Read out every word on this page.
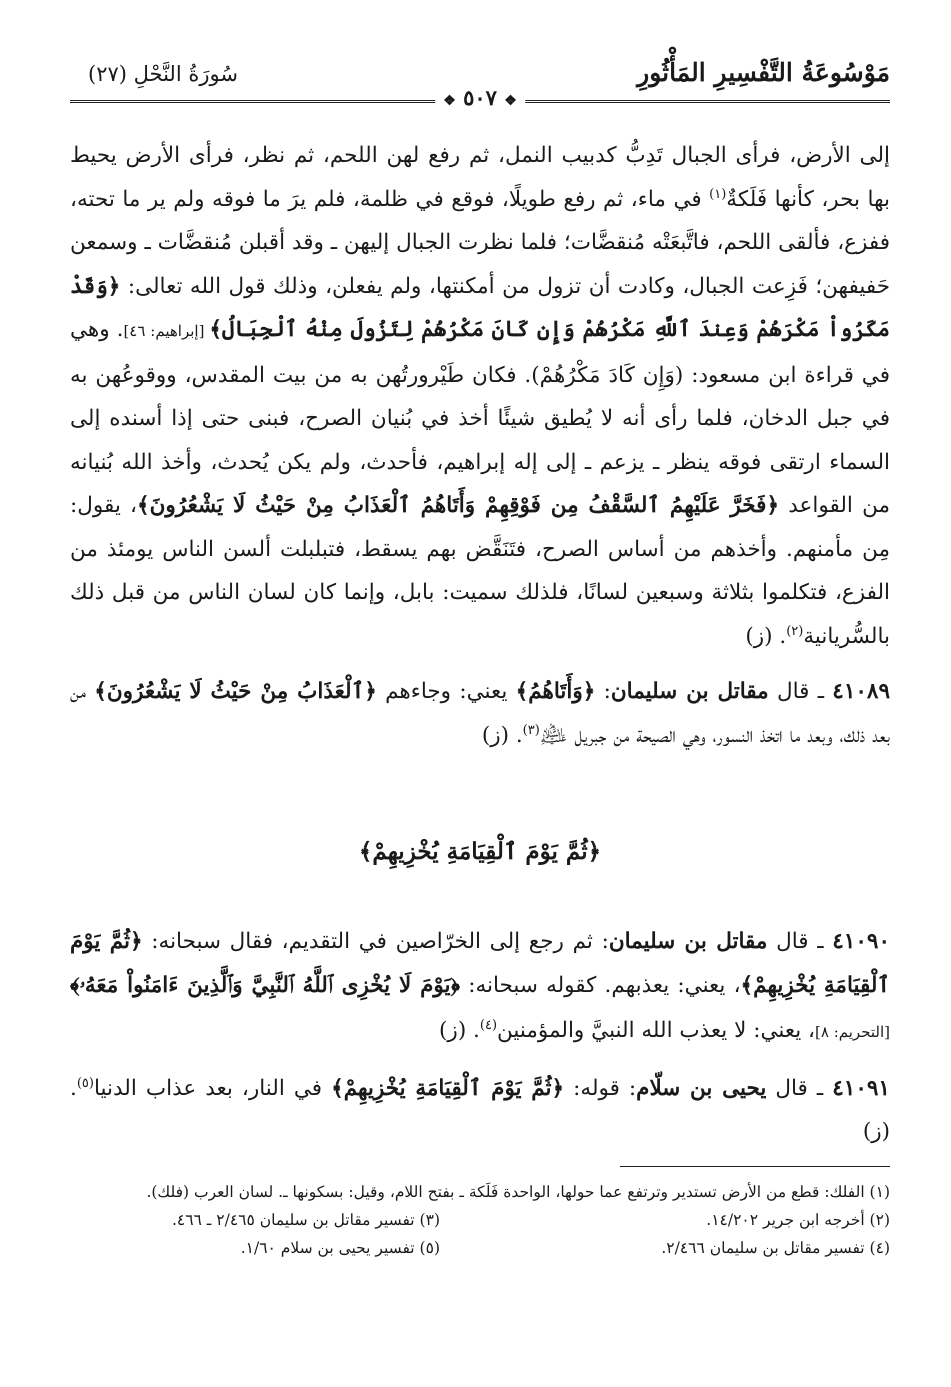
مَوْسُوعَةُ التَّفْسِيرِ المَأْثُورِ
سُورَةُ النَّحْلِ (٢٧)
❖ ٥٠٧ ❖

إلى الأرض، فرأى الجبال تَدِبُّ كدبيب النمل، ثم رفع لهن اللحم، ثم نظر، فرأى الأرض يحيط بها بحر، كأنها فَلَكةٌ$^{(١)}$ في ماء، ثم رفع طويلًا، فوقع في ظلمة، فلم يرَ ما فوقه ولم ير ما تحته، ففزع، فألقى اللحم، فاتَّبعَتْه مُنقضَّات؛ فلما نظرت الجبال إليهن ـ وقد أقبلن مُنقضَّات ـ وسمعن حَفيفهن؛ فَزِعت الجبال، وكادت أن تزول من أمكنتها، ولم يفعلن، وذلك قول الله تعالى: ﴿وَقَدْ مَكَرُواْ مَكْرَهُمْ وَعِندَ ٱللَّهِ مَكْرُهُمْ وَإِن كَانَ مَكْرُهُمْ لِتَزُولَ مِنْهُ ٱلْجِبَالُ﴾ [إبراهيم: ٤٦]. وهي في قراءة ابن مسعود: (وَإِن كَادَ مَكْرُهُمْ). فكان طَيْرورتُهن به من بيت المقدس، ووقوعُهن به في جبل الدخان، فلما رأى أنه لا يُطيق شيئًا أخذ في بُنيان الصرح، فبنى حتى إذا أسنده إلى السماء ارتقى فوقه ينظر ـ يزعم ـ إلى إله إبراهيم، فأحدث، ولم يكن يُحدث، وأخذ الله بُنيانه من القواعد ﴿فَخَرَّ عَلَيْهِمُ ٱلسَّقْفُ مِن فَوْقِهِمْ وَأَتَاهُمُ ٱلْعَذَابُ مِنْ حَيْثُ لَا يَشْعُرُونَ﴾، يقول: مِن مأمنهم. وأخذهم من أساس الصرح، فتَنَقَّض بهم يسقط، فتبلبلت ألسن الناس يومئذ من الفزع، فتكلموا بثلاثة وسبعين لسانًا، فلذلك سميت: بابل، وإنما كان لسان الناس من قبل ذلك بالسُّريانية$^{(٢)}$. (ز)

٤١٠٨٩ ـ قال مقاتل بن سليمان: ﴿وَأَتَاهُمُ﴾ يعني: وجاءهم ﴿ٱلْعَذَابُ مِنْ حَيْثُ لَا يَشْعُرُونَ﴾ من بعد ذلك، وبعد ما اتخذ النسور، وهي الصيحة من جبريل ﵇$^{(٣)}$. (ز)

﴿ثُمَّ يَوْمَ ٱلْقِيَامَةِ يُخْزِيهِمْ﴾

٤١٠٩٠ ـ قال مقاتل بن سليمان: ثم رجع إلى الخرّاصين في التقديم، فقال سبحانه: ﴿ثُمَّ يَوْمَ ٱلْقِيَامَةِ يُخْزِيهِمْ﴾، يعني: يعذبهم. كقوله سبحانه: ﴿يَوْمَ لَا يُخْزِى ٱللَّهُ ٱلنَّبِيَّ وَٱلَّذِينَ ءَامَنُواْ مَعَهُۥ﴾ [التحريم: ٨]، يعني: لا يعذب الله النبيَّ والمؤمنين$^{(٤)}$. (ز)

٤١٠٩١ ـ قال يحيى بن سلّام: قوله: ﴿ثُمَّ يَوْمَ ٱلْقِيَامَةِ يُخْزِيهِمْ﴾ في النار، بعد عذاب الدنيا$^{(٥)}$. (ز)

(١) الفلك: قطع من الأرض تستدير وترتفع عما حولها، الواحدة فَلَكة ـ بفتح اللام، وقيل: بسكونها ـ. لسان العرب (فلك).

(٢) أخرجه ابن جرير ١٤/٢٠٢.
(٣) تفسير مقاتل بن سليمان ٢/٤٦٥ ـ ٤٦٦.
(٤) تفسير مقاتل بن سليمان ٢/٤٦٦.
(٥) تفسير يحيى بن سلام ١/٦٠.
